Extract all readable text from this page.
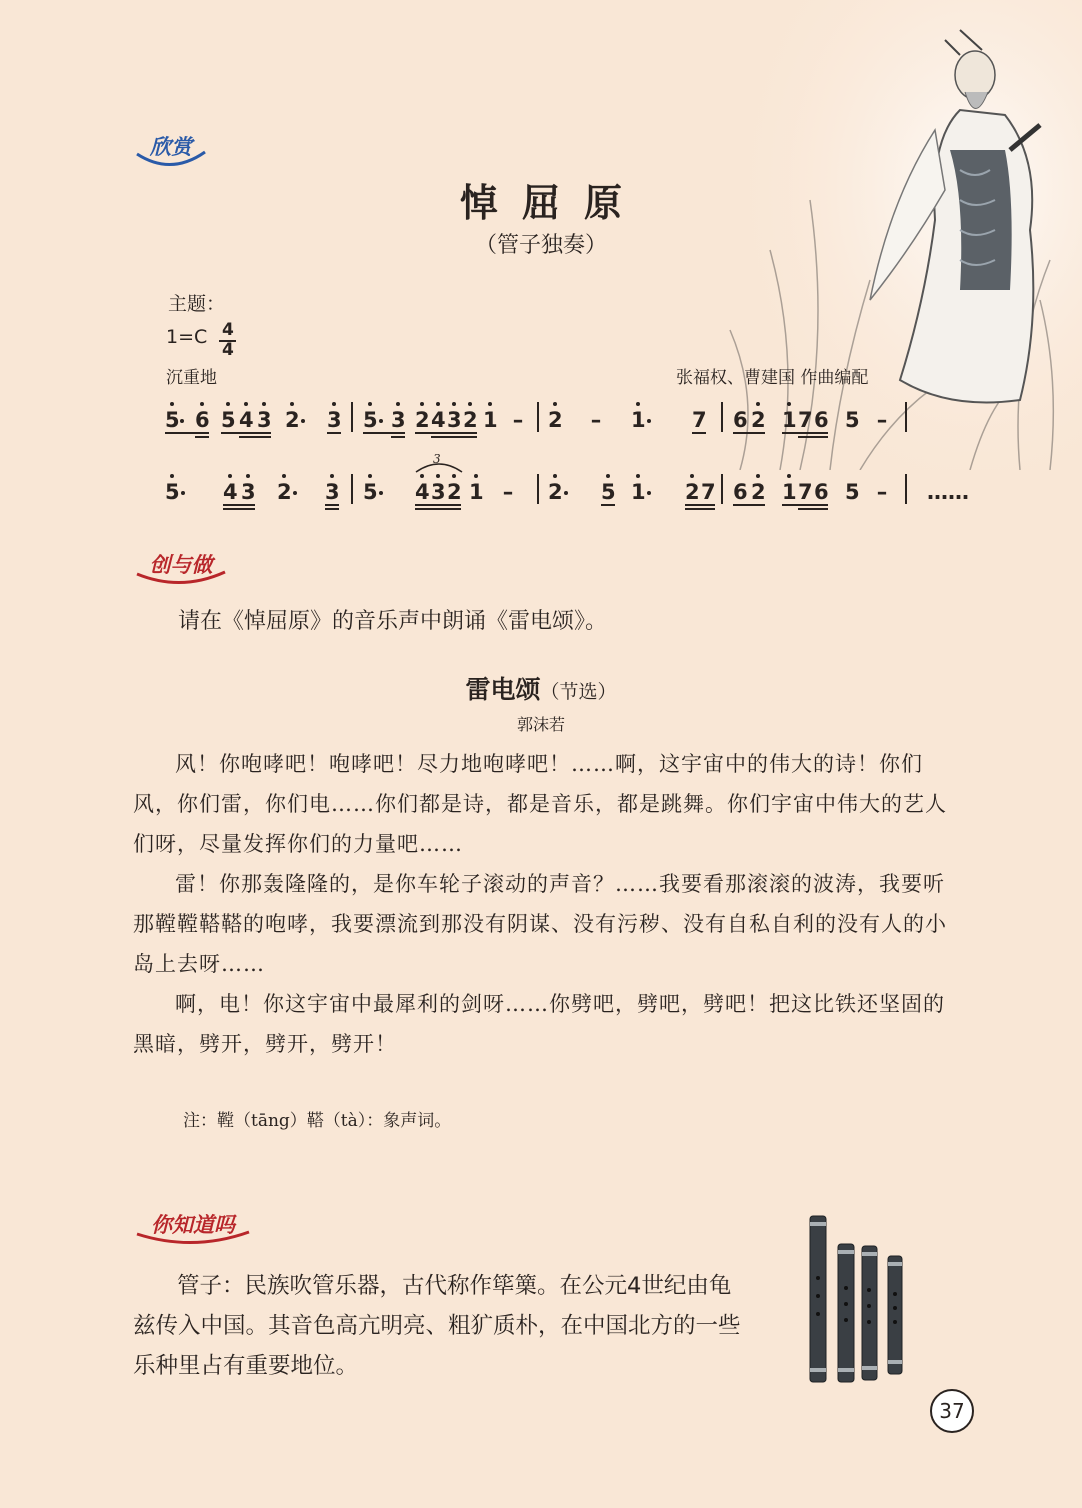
欣赏
悼屈原
（管子独奏）
主题：
1=C 4
4
沉重地	张福权、曹建国 作曲编配
5 6 5 4 3 2 3 5 3 2 4 3 2 1 – 2 – 1 7 6 2 1 7 6 5 –
5 4 3 2 3 5 4 3 2 1 – 2 5 1 2 7 6 2 1 7 6 5 – ……
3
创与做
请在《悼屈原》的音乐声中朗诵《雷电颂》。
雷电颂（节选）
郭沫若

风！你咆哮吧！咆哮吧！尽力地咆哮吧！……啊，这宇宙中的伟大的诗！你们风，你们雷，你们电……你们都是诗，都是音乐，都是跳舞。你们宇宙中伟大的艺人们呀，尽量发挥你们的力量吧……

雷！你那轰隆隆的，是你车轮子滚动的声音？……我要看那滚滚的波涛，我要听那鞺鞺鞳鞳的咆哮，我要漂流到那没有阴谋、没有污秽、没有自私自利的没有人的小岛上去呀……

啊，电！你这宇宙中最犀利的剑呀……你劈吧，劈吧，劈吧！把这比铁还坚固的黑暗，劈开，劈开，劈开！

注：鞺（tāng）鞳（tà）：象声词。
你知道吗
管子：民族吹管乐器，古代称作筚篥。在公元4世纪由龟兹传入中国。其音色高亢明亮、粗犷质朴，在中国北方的一些乐种里占有重要地位。
37
